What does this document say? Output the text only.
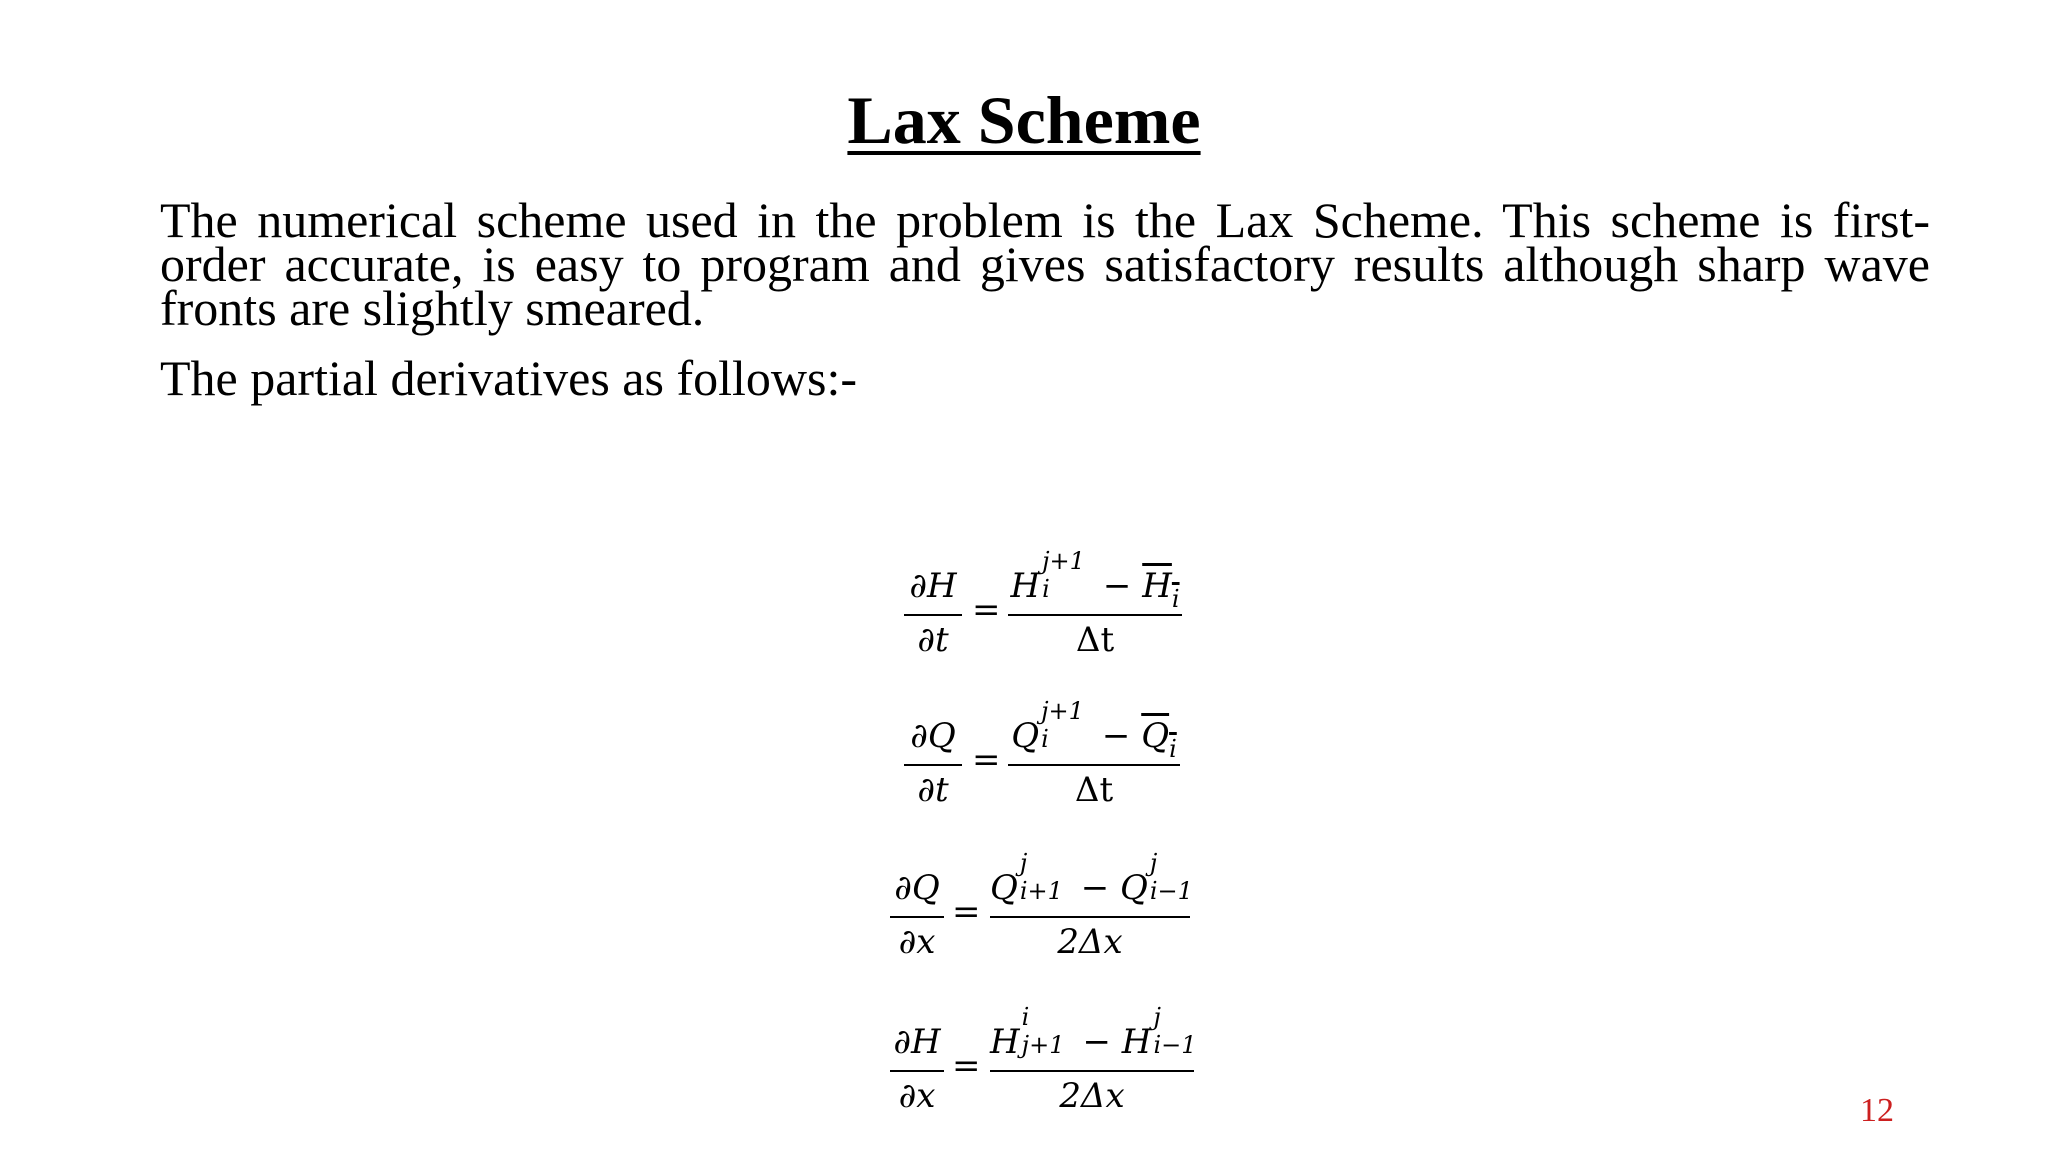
Lax Scheme
The numerical scheme used in the problem is the Lax Scheme. This scheme is first-order accurate, is easy to program and gives satisfactory results although sharp wave fronts are slightly smeared.
The partial derivatives as follows:-
∂H
∂t
=
H
j+1
$i - H_i$
Δt
∂Q
∂t
=
Q
j+1
$i - Q_i$
Δt
∂Q
∂x
=
Q
j
i+1 − Q
j
i−1
2Δx
∂H
∂x
=
H
i
j+1 − H
j
i−1
2Δx	12
